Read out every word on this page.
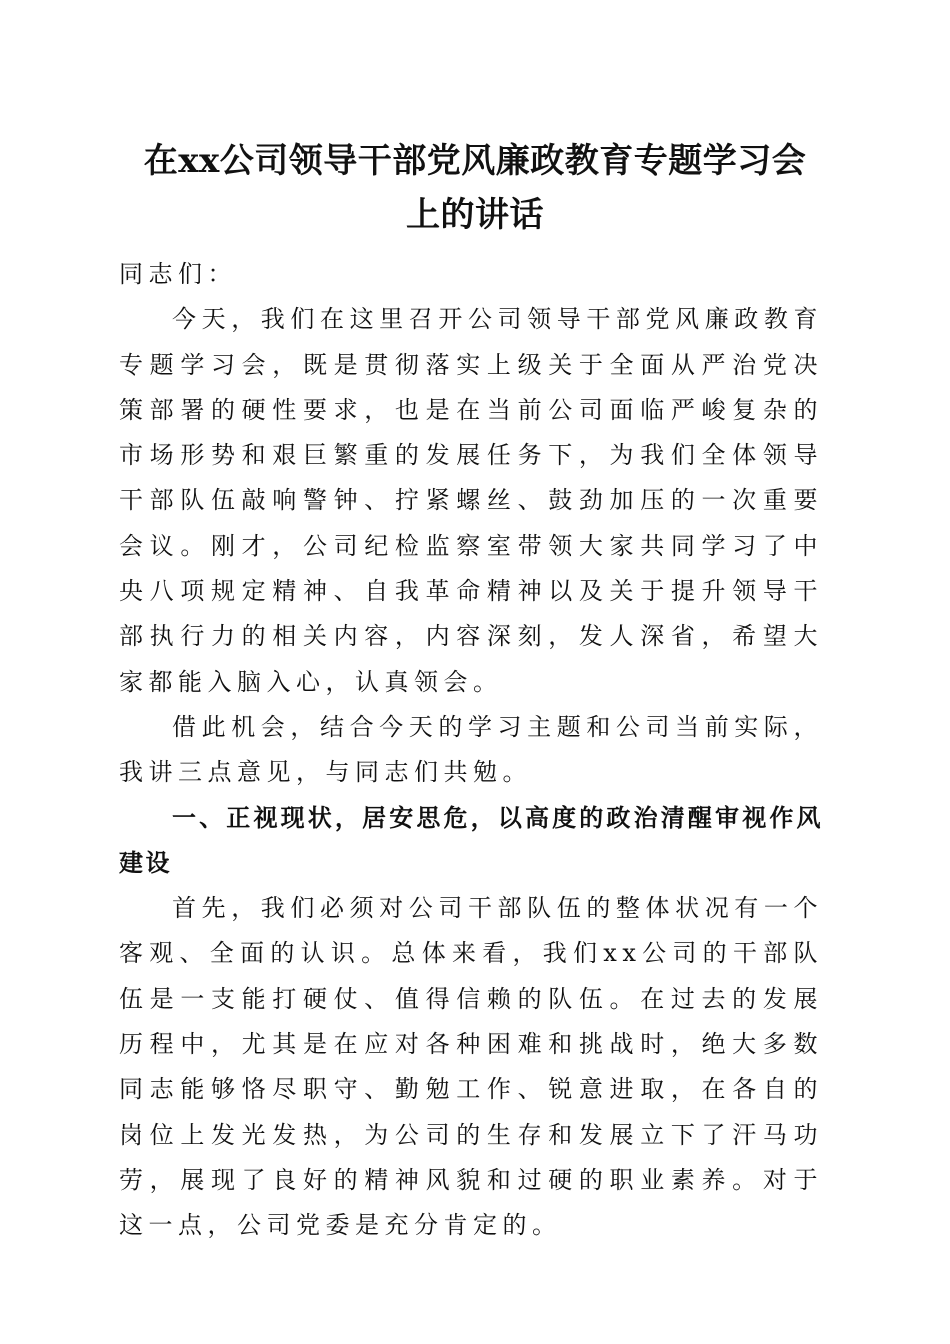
在xx公司领导干部党风廉政教育专题学习会
上的讲话

同志们：

今天，我们在这里召开公司领导干部党风廉政教育专题学习会，既是贯彻落实上级关于全面从严治党决策部署的硬性要求，也是在当前公司面临严峻复杂的市场形势和艰巨繁重的发展任务下，为我们全体领导干部队伍敲响警钟、拧紧螺丝、鼓劲加压的一次重要会议。刚才，公司纪检监察室带领大家共同学习了中央八项规定精神、自我革命精神以及关于提升领导干部执行力的相关内容，内容深刻，发人深省，希望大家都能入脑入心，认真领会。

借此机会，结合今天的学习主题和公司当前实际，我讲三点意见，与同志们共勉。

一、正视现状，居安思危，以高度的政治清醒审视作风建设

首先，我们必须对公司干部队伍的整体状况有一个客观、全面的认识。总体来看，我们xx公司的干部队伍是一支能打硬仗、值得信赖的队伍。在过去的发展历程中，尤其是在应对各种困难和挑战时，绝大多数同志能够恪尽职守、勤勉工作、锐意进取，在各自的岗位上发光发热，为公司的生存和发展立下了汗马功劳，展现了良好的精神风貌和过硬的职业素养。对于这一点，公司党委是充分肯定的。
